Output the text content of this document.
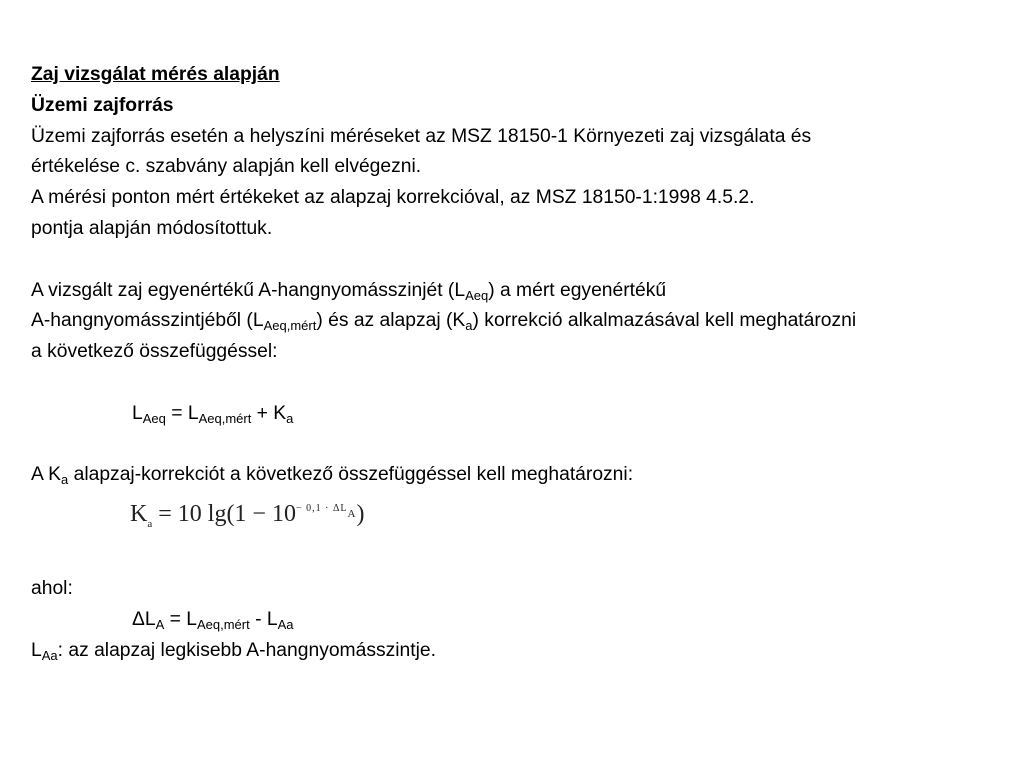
Zaj vizsgálat mérés alapján
Üzemi zajforrás
Üzemi zajforrás esetén a helyszíni méréseket az MSZ 18150-1 Környezeti zaj vizsgálata és
értékelése c. szabvány alapján kell elvégezni.
A mérési ponton mért értékeket az alapzaj korrekcióval, az MSZ 18150-1:1998 4.5.2.
pontja alapján módosítottuk.
A vizsgált zaj egyenértékű A-hangnyomásszinjét $(L_{Aeq})$ a mért egyenértékű
A-hangnyomásszintjéből $(L_{Aeq,mért})$ és az alapzaj $(K_a)$ korrekció alkalmazásával kell meghatározni
a következő összefüggéssel:
$L_{Aeq} = L_{Aeq,mért} + K_a$
A $K_a$ alapzaj-korrekciót a következő összefüggéssel kell meghatározni:
$K_a = 10$ $\lg(1 - 10^{- 0,1 \cdot \Delta L_A})$
ahol:
$\Delta L_A = L_{Aeq,mért} - L_{Aa}$
$L_{Aa}$: az alapzaj legkisebb A-hangnyomásszintje.
